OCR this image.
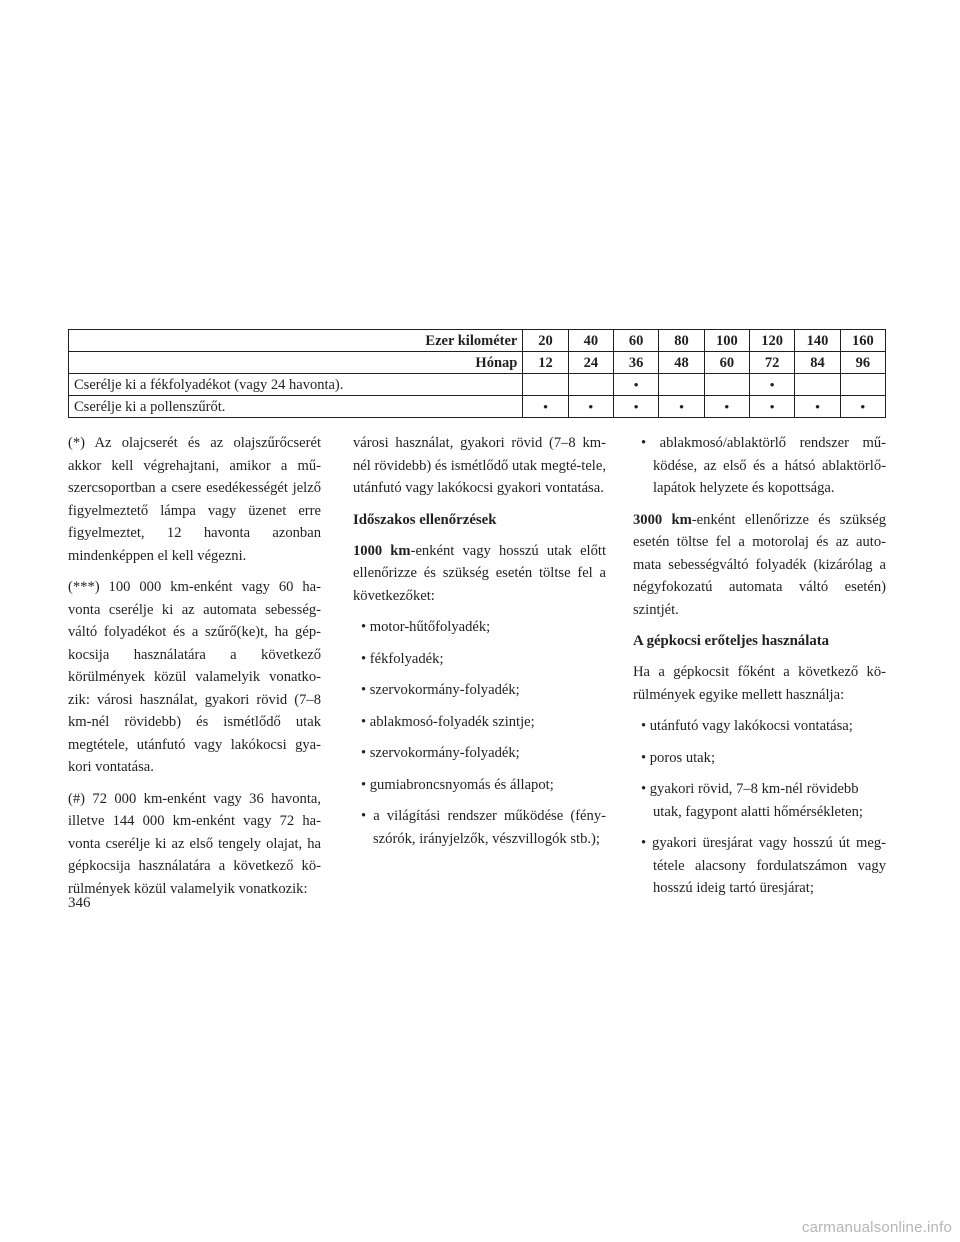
Ezer kilométer	20	40	60	80	100	120	140	160
Hónap	12	24	36	48	60	72	84	96
Cserélje ki a fékfolyadékot (vagy 24 havonta).			•			•		
Cserélje ki a pollenszűrőt.	•	•	•	•	•	•	•	•

(*) Az olajcserét és az olajszűrőcserét akkor kell végrehajtani, amikor a mű-szercsoportban a csere esedékességét jelző figyelmeztető lámpa vagy üzenet erre figyelmeztet, 12 havonta azonban mindenképpen el kell végezni.

(***) 100 000 km-enként vagy 60 ha-vonta cserélje ki az automata sebesség-váltó folyadékot és a szűrő(ke)t, ha gép-kocsija használatára a következő körülmények közül valamelyik vonatko-zik: városi használat, gyakori rövid (7–8 km-nél rövidebb) és ismétlődő utak megtétele, utánfutó vagy lakókocsi gya-kori vontatása.

(#) 72 000 km-enként vagy 36 havonta, illetve 144 000 km-enként vagy 72 ha-vonta cserélje ki az első tengely olajat, ha gépkocsija használatára a következő kö-rülmények közül valamelyik vonatkozik:

városi használat, gyakori rövid (7–8 km-nél rövidebb) és ismétlődő utak megté-tele, utánfutó vagy lakókocsi gyakori vontatása.

Időszakos ellenőrzések

1000 km-enként vagy hosszú utak előtt ellenőrizze és szükség esetén töltse fel a következőket:

• motor-hűtőfolyadék;
• fékfolyadék;
• szervokormány-folyadék;
• ablakmosó-folyadék szintje;
• szervokormány-folyadék;
• gumiabroncsnyomás és állapot;
• a világítási rendszer működése (fény-szórók, irányjelzők, vészvillogók stb.);
• ablakmosó/ablaktörlő rendszer mű-ködése, az első és a hátsó ablaktörlő-lapátok helyzete és kopottsága.

3000 km-enként ellenőrizze és szükség esetén töltse fel a motorolaj és az auto-mata sebességváltó folyadék (kizárólag a négyfokozatú automata váltó esetén) szintjét.

A gépkocsi erőteljes használata

Ha a gépkocsit főként a következő kö-rülmények egyike mellett használja:

• utánfutó vagy lakókocsi vontatása;
• poros utak;
• gyakori rövid, 7–8 km-nél rövidebb utak, fagypont alatti hőmérsékleten;
• gyakori üresjárat vagy hosszú út meg-tétele alacsony fordulatszámon vagy hosszú ideig tartó üresjárat;
346
carmanualsonline.info
